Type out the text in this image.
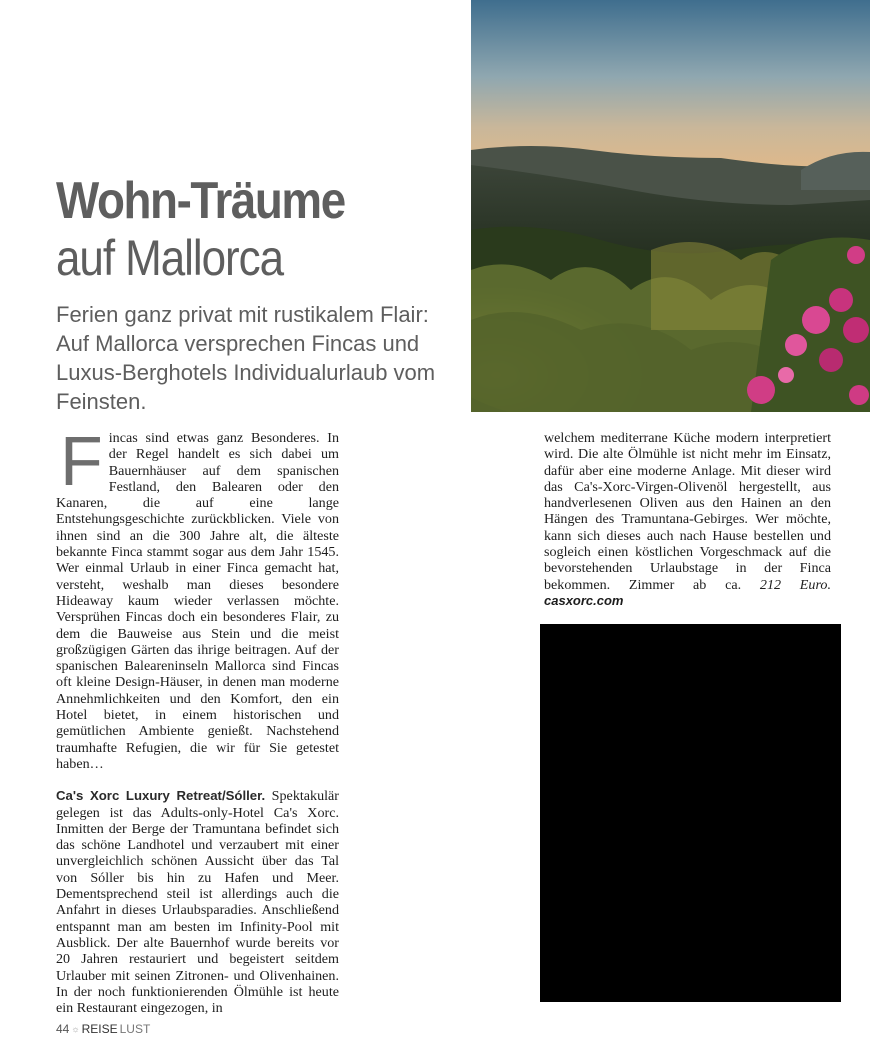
Wohn-Träume
auf Mallorca
Ferien ganz privat mit rustikalem Flair: Auf Mallorca versprechen Fincas und Luxus-Berghotels Individualurlaub vom Feinsten.

Fincas sind etwas ganz Besonderes. In der Regel handelt es sich dabei um Bauernhäuser auf dem spanischen Festland, den Balearen oder den Kanaren, die auf eine lange Entstehungsgeschichte zurückblicken. Viele von ihnen sind an die 300 Jahre alt, die älteste bekannte Finca stammt sogar aus dem Jahr 1545. Wer einmal Urlaub in einer Finca gemacht hat, versteht, weshalb man dieses besondere Hideaway kaum wieder verlassen möchte. Versprühen Fincas doch ein besonderes Flair, zu dem die Bauweise aus Stein und die meist großzügigen Gärten das ihrige beitragen. Auf der spanischen Baleareninseln Mallorca sind Fincas oft kleine Design-Häuser, in denen man moderne Annehmlichkeiten und den Komfort, den ein Hotel bietet, in einem historischen und gemütlichen Ambiente genießt. Nachstehend traumhafte Refugien, die wir für Sie getestet haben…

Ca's Xorc Luxury Retreat/Sóller. Spektakulär gelegen ist das Adults-only-Hotel Ca's Xorc. Inmitten der Berge der Tramuntana befindet sich das schöne Landhotel und verzaubert mit einer unvergleichlich schönen Aussicht über das Tal von Sóller bis hin zu Hafen und Meer. Dementsprechend steil ist allerdings auch die Anfahrt in dieses Urlaubsparadies. Anschließend entspannt man am besten im Infinity-Pool mit Ausblick. Der alte Bauernhof wurde bereits vor 20 Jahren restauriert und begeistert seitdem Urlauber mit seinen Zitronen- und Olivenhainen. In der noch funktionierenden Ölmühle ist heute ein Restaurant eingezogen, in

welchem mediterrane Küche modern interpretiert wird. Die alte Ölmühle ist nicht mehr im Einsatz, dafür aber eine moderne Anlage. Mit dieser wird das Ca's-Xorc-Virgen-Olivenöl hergestellt, aus handverlesenen Oliven aus den Hainen an den Hängen des Tramuntana-Gebirges. Wer möchte, kann sich dieses auch nach Hause bestellen und sogleich einen köstlichen Vorgeschmack auf die bevorstehenden Urlaubstage in der Finca bekommen. Zimmer ab ca. 212 Euro. casxorc.com

44 ☼ REISE LUST
